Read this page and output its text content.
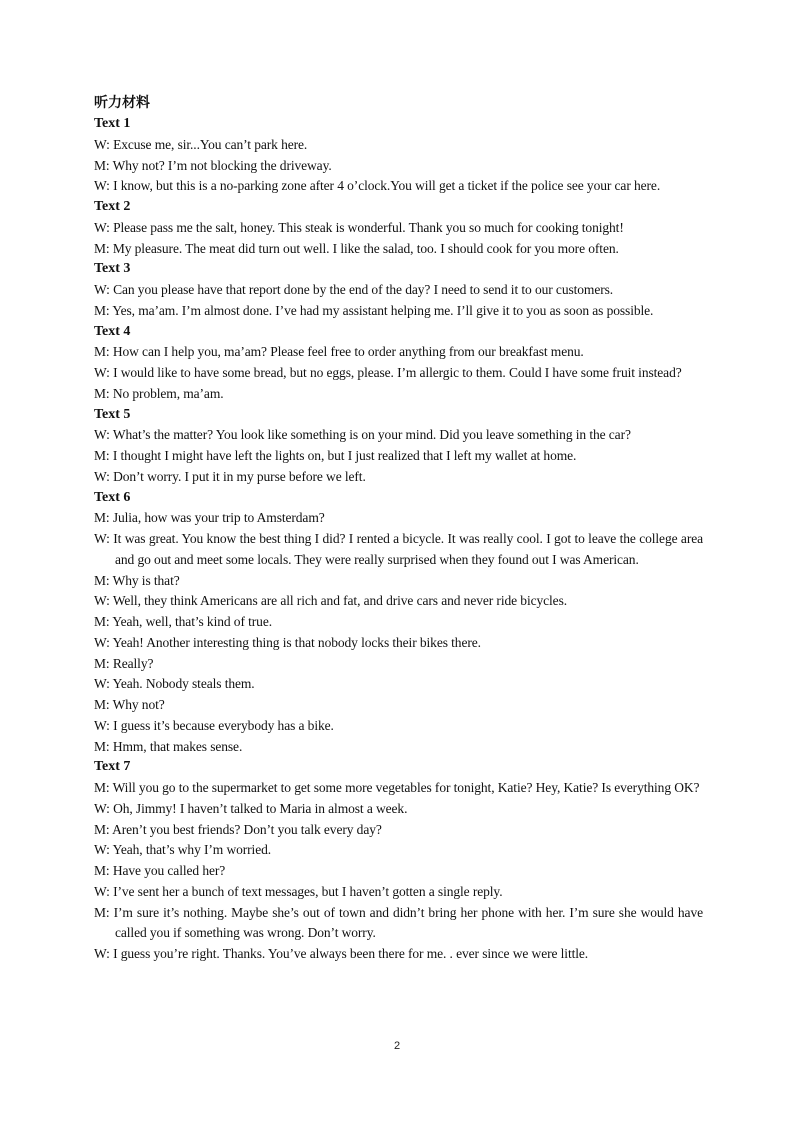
听力材料
Text 1
W: Excuse me, sir...You can’t park here.
M: Why not? I’m not blocking the driveway.
W: I know, but this is a no-parking zone after 4 o’clock.You will get a ticket if the police see your car here.
Text 2
W: Please pass me the salt, honey. This steak is wonderful. Thank you so much for cooking tonight!
M: My pleasure. The meat did turn out well. I like the salad, too. I should cook for you more often.
Text 3
W: Can you please have that report done by the end of the day? I need to send it to our customers.
M: Yes, ma’am. I’m almost done. I’ve had my assistant helping me. I’ll give it to you as soon as possible.
Text 4
M: How can I help you, ma’am? Please feel free to order anything from our breakfast menu.
W: I would like to have some bread, but no eggs, please. I’m allergic to them. Could I have some fruit instead?
M: No problem, ma’am.
Text 5
W: What’s the matter? You look like something is on your mind. Did you leave something in the car?
M: I thought I might have left the lights on, but I just realized that I left my wallet at home.
W: Don’t worry. I put it in my purse before we left.
Text 6
M: Julia, how was your trip to Amsterdam?
W: It was great. You know the best thing I did? I rented a bicycle. It was really cool. I got to leave the college area and go out and meet some locals. They were really surprised when they found out I was American.
M: Why is that?
W: Well, they think Americans are all rich and fat, and drive cars and never ride bicycles.
M: Yeah, well, that’s kind of true.
W: Yeah! Another interesting thing is that nobody locks their bikes there.
M: Really?
W: Yeah. Nobody steals them.
M: Why not?
W: I guess it’s because everybody has a bike.
M: Hmm, that makes sense.
Text 7
M: Will you go to the supermarket to get some more vegetables for tonight, Katie? Hey, Katie? Is everything OK?
W: Oh, Jimmy! I haven’t talked to Maria in almost a week.
M: Aren’t you best friends? Don’t you talk every day?
W: Yeah, that’s why I’m worried.
M: Have you called her?
W: I’ve sent her a bunch of text messages, but I haven’t gotten a single reply.
M: I’m sure it’s nothing. Maybe she’s out of town and didn’t bring her phone with her. I’m sure she would have called you if something was wrong. Don’t worry.
W: I guess you’re right. Thanks. You’ve always been there for me. . ever since we were little.
2
